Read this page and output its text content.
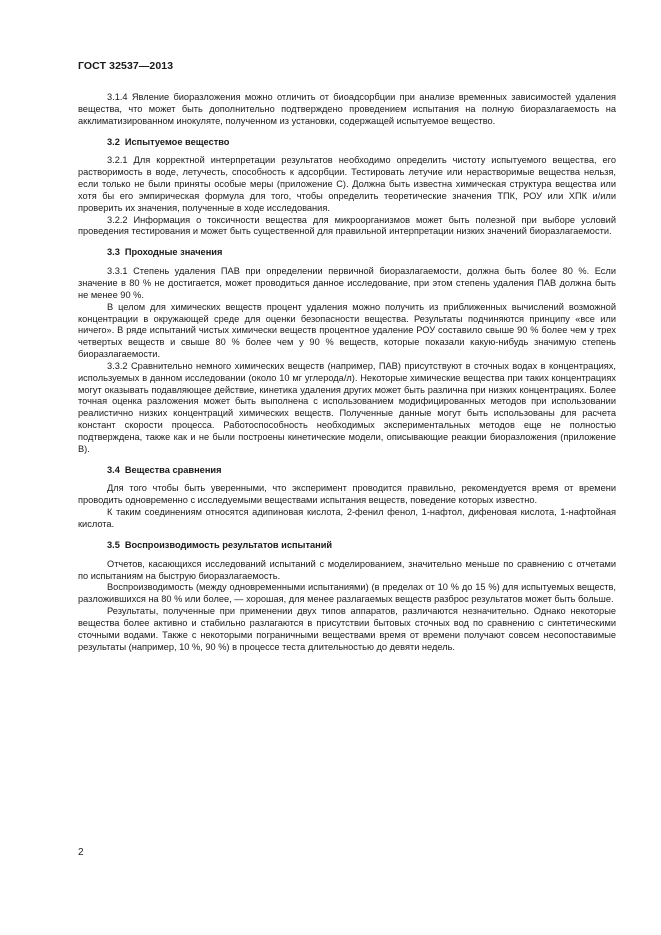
ГОСТ 32537—2013

3.1.4 Явление биоразложения можно отличить от биоадсорбции при анализе временных зависимостей удаления вещества, что может быть дополнительно подтверждено проведением испытания на полную биоразлагаемость на акклиматизированном инокуляте, полученном из установки, содержащей испытуемое вещество.

3.2 Испытуемое вещество

3.2.1 Для корректной интерпретации результатов необходимо определить чистоту испытуемого вещества, его растворимость в воде, летучесть, способность к адсорбции. Тестировать летучие или нерастворимые вещества нельзя, если только не были приняты особые меры (приложение С). Должна быть известна химическая структура вещества или хотя бы его эмпирическая формула для того, чтобы определить теоретические значения ТПК, РОУ или ХПК и/или проверить их значения, полученные в ходе исследования.

3.2.2 Информация о токсичности вещества для микроорганизмов может быть полезной при выборе условий проведения тестирования и может быть существенной для правильной интерпретации низких значений биоразлагаемости.

3.3 Проходные значения

3.3.1 Степень удаления ПАВ при определении первичной биоразлагаемости, должна быть более 80 %. Если значение в 80 % не достигается, может проводиться данное исследование, при этом степень удаления ПАВ должна быть не менее 90 %.

В целом для химических веществ процент удаления можно получить из приближенных вычислений возможной концентрации в окружающей среде для оценки безопасности вещества. Результаты подчиняются принципу «все или ничего». В ряде испытаний чистых химически веществ процентное удаление РОУ составило свыше 90 % более чем у трех четвертых веществ и свыше 80 % более чем у 90 % веществ, которые показали какую-нибудь значимую степень биоразлагаемости.

3.3.2 Сравнительно немного химических веществ (например, ПАВ) присутствуют в сточных водах в концентрациях, используемых в данном исследовании (около 10 мг углерода/л). Некоторые химические вещества при таких концентрациях могут оказывать подавляющее действие, кинетика удаления других может быть различна при низких концентрациях. Более точная оценка разложения может быть выполнена с использованием модифицированных методов при использовании реалистично низких концентраций химических веществ. Полученные данные могут быть использованы для расчета констант скорости процесса. Работоспособность необходимых экспериментальных методов еще не полностью подтверждена, также как и не были построены кинетические модели, описывающие реакции биоразложения (приложение В).

3.4 Вещества сравнения

Для того чтобы быть уверенными, что эксперимент проводится правильно, рекомендуется время от времени проводить одновременно с исследуемыми веществами испытания веществ, поведение которых известно.

К таким соединениям относятся адипиновая кислота, 2-фенил фенол, 1-нафтол, дифеновая кислота, 1-нафтойная кислота.

3.5 Воспроизводимость результатов испытаний

Отчетов, касающихся исследований испытаний с моделированием, значительно меньше по сравнению с отчетами по испытаниям на быструю биоразлагаемость.

Воспроизводимость (между одновременными испытаниями) (в пределах от 10 % до 15 %) для испытуемых веществ, разложившихся на 80 % или более, — хорошая, для менее разлагаемых веществ разброс результатов может быть больше.

Результаты, полученные при применении двух типов аппаратов, различаются незначительно. Однако некоторые вещества более активно и стабильно разлагаются в присутствии бытовых сточных вод по сравнению с синтетическими сточными водами. Также с некоторыми пограничными веществами время от времени получают совсем несопоставимые результаты (например, 10 %, 90 %) в процессе теста длительностью до девяти недель.

2
